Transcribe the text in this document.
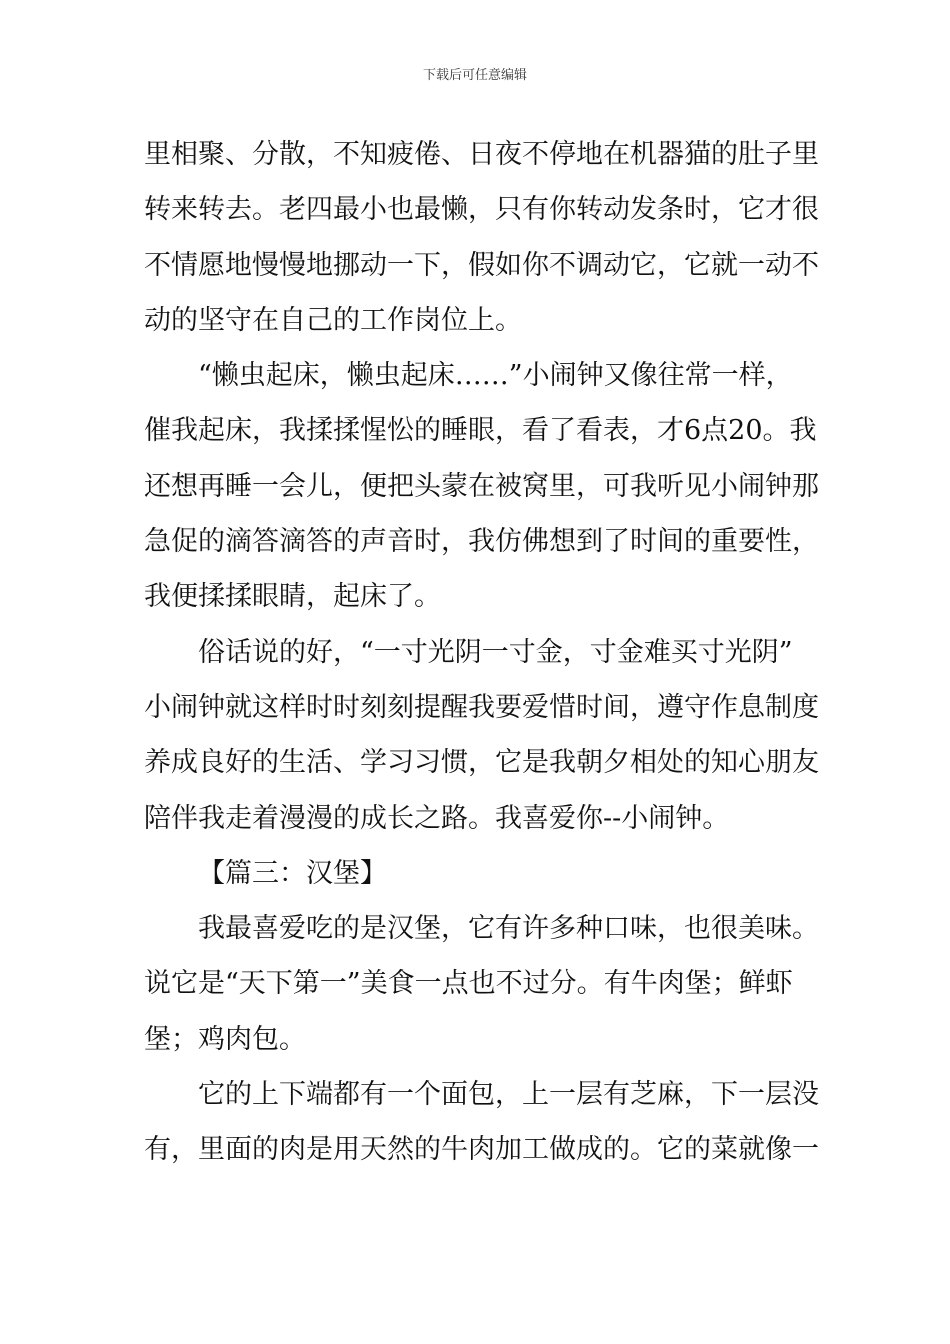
下载后可任意编辑
里相聚、分散，不知疲倦、日夜不停地在机器猫的肚子里
转来转去。老四最小也最懒，只有你转动发条时，它才很
不情愿地慢慢地挪动一下，假如你不调动它，它就一动不
动的坚守在自己的工作岗位上。
“懒虫起床，懒虫起床……”小闹钟又像往常一样，
催我起床，我揉揉惺忪的睡眼，看了看表，才6点20。我
还想再睡一会儿，便把头蒙在被窝里，可我听见小闹钟那
急促的滴答滴答的声音时，我仿佛想到了时间的重要性，
我便揉揉眼睛，起床了。
俗话说的好，“一寸光阴一寸金，寸金难买寸光阴”
小闹钟就这样时时刻刻提醒我要爱惜时间，遵守作息制度
养成良好的生活、学习习惯，它是我朝夕相处的知心朋友
陪伴我走着漫漫的成长之路。我喜爱你--小闹钟。
【篇三：汉堡】
我最喜爱吃的是汉堡，它有许多种口味，也很美味。
说它是“天下第一”美食一点也不过分。有牛肉堡；鲜虾
堡；鸡肉包。
它的上下端都有一个面包，上一层有芝麻，下一层没
有，里面的肉是用天然的牛肉加工做成的。它的菜就像一
